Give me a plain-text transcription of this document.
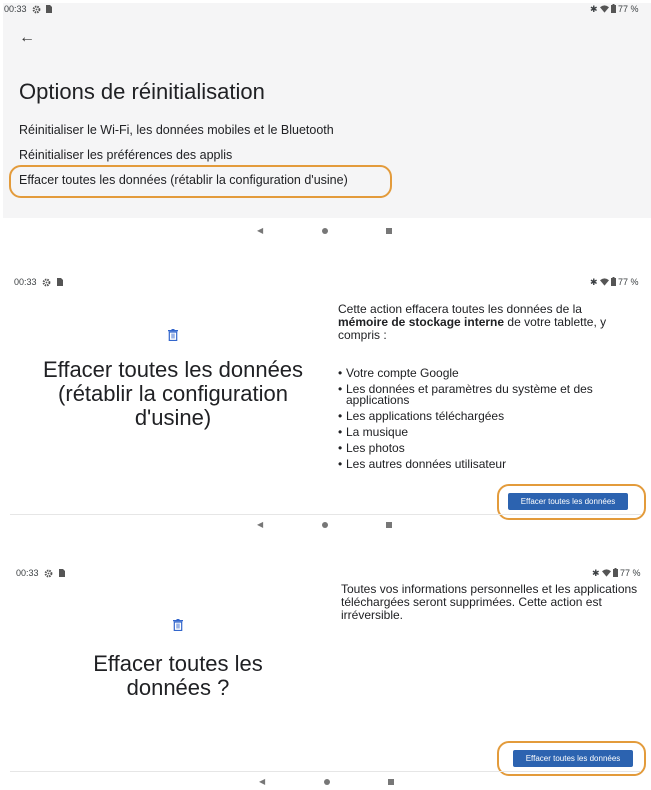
00:33	✱ 77 %
←
Options de réinitialisation
Réinitialiser le Wi-Fi, les données mobiles et le Bluetooth
Réinitialiser les préférences des applis
Effacer toutes les données (rétablir la configuration d'usine)
◀
00:33	✱ 77 %
Effacer toutes les données (rétablir la configuration d'usine)
Cette action effacera toutes les données de la mémoire de stockage interne de votre tablette, y compris :
• Votre compte Google
• Les données et paramètres du système et des applications
• Les applications téléchargées
• La musique
• Les photos
• Les autres données utilisateur
Effacer toutes les données
◀
00:33	✱ 77 %
Toutes vos informations personnelles et les applications téléchargées seront supprimées. Cette action est irréversible.
Effacer toutes les données ?
Effacer toutes les données
◀
